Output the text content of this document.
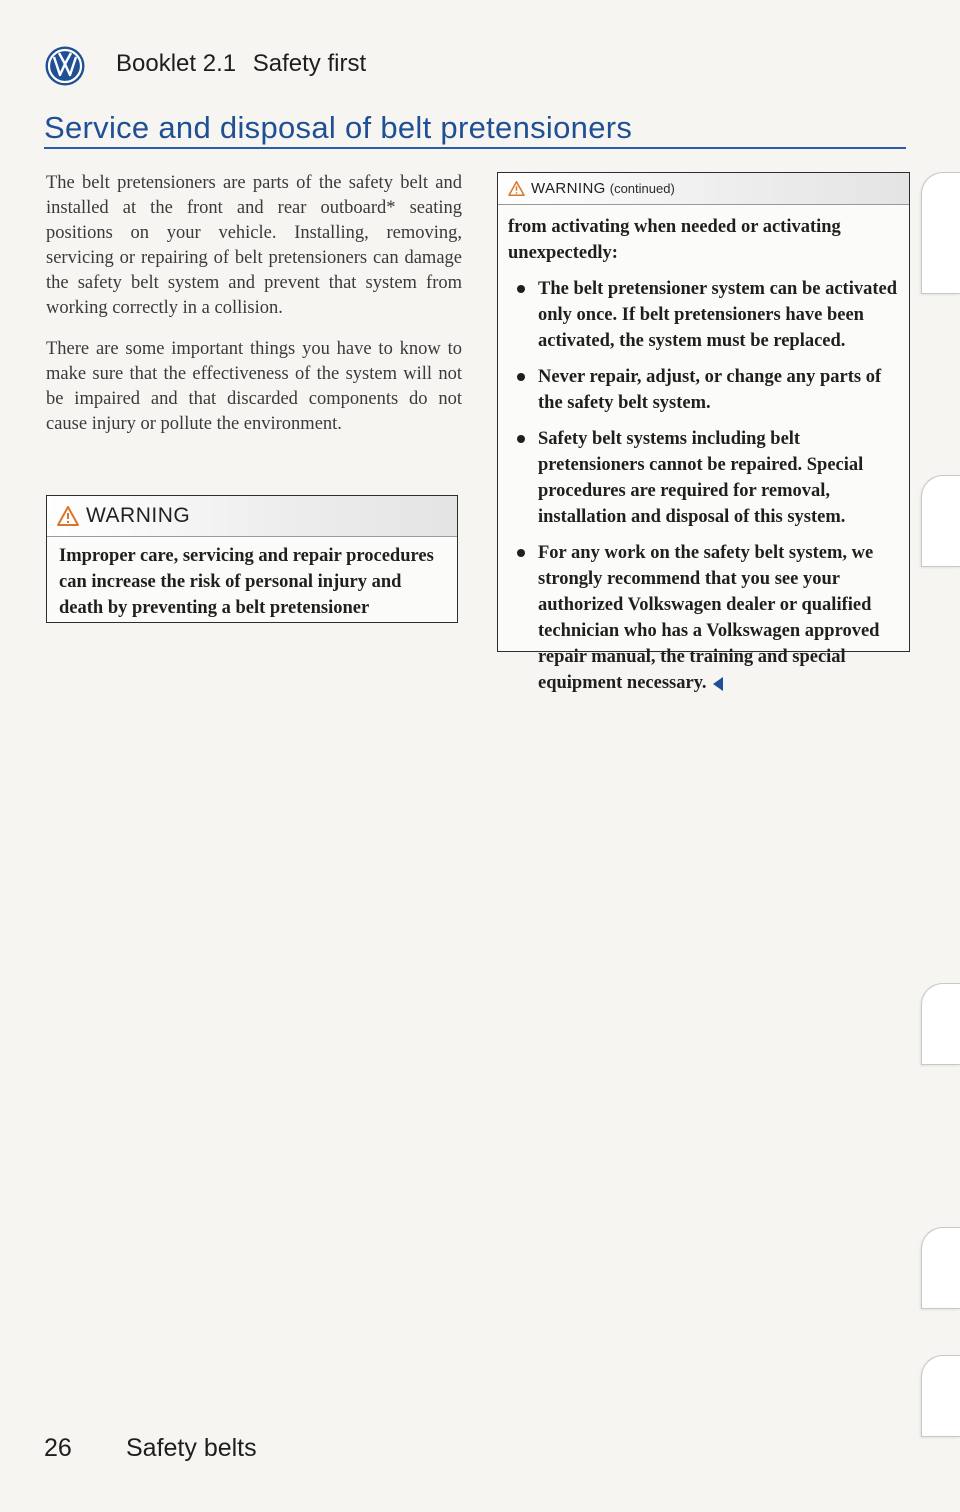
Booklet 2.1 Safety first
Service and disposal of belt pretensioners

The belt pretensioners are parts of the safety belt and installed at the front and rear outboard* seating positions on your vehicle. Installing, removing, servicing or repairing of belt pretensioners can damage the safety belt system and prevent that system from working correctly in a collision.

There are some important things you have to know to make sure that the effectiveness of the system will not be impaired and that discarded components do not cause injury or pollute the environment.

WARNING
Improper care, servicing and repair procedures can increase the risk of personal injury and death by preventing a belt pretensioner
WARNING (continued)

from activating when needed or activating unexpectedly:

The belt pretensioner system can be activated only once. If belt pretensioners have been activated, the system must be replaced.
Never repair, adjust, or change any parts of the safety belt system.
Safety belt systems including belt pretensioners cannot be repaired. Special procedures are required for removal, installation and disposal of this system.
For any work on the safety belt system, we strongly recommend that you see your authorized Volkswagen dealer or qualified technician who has a Volkswagen approved repair manual, the training and special equipment necessary.
26 Safety belts
